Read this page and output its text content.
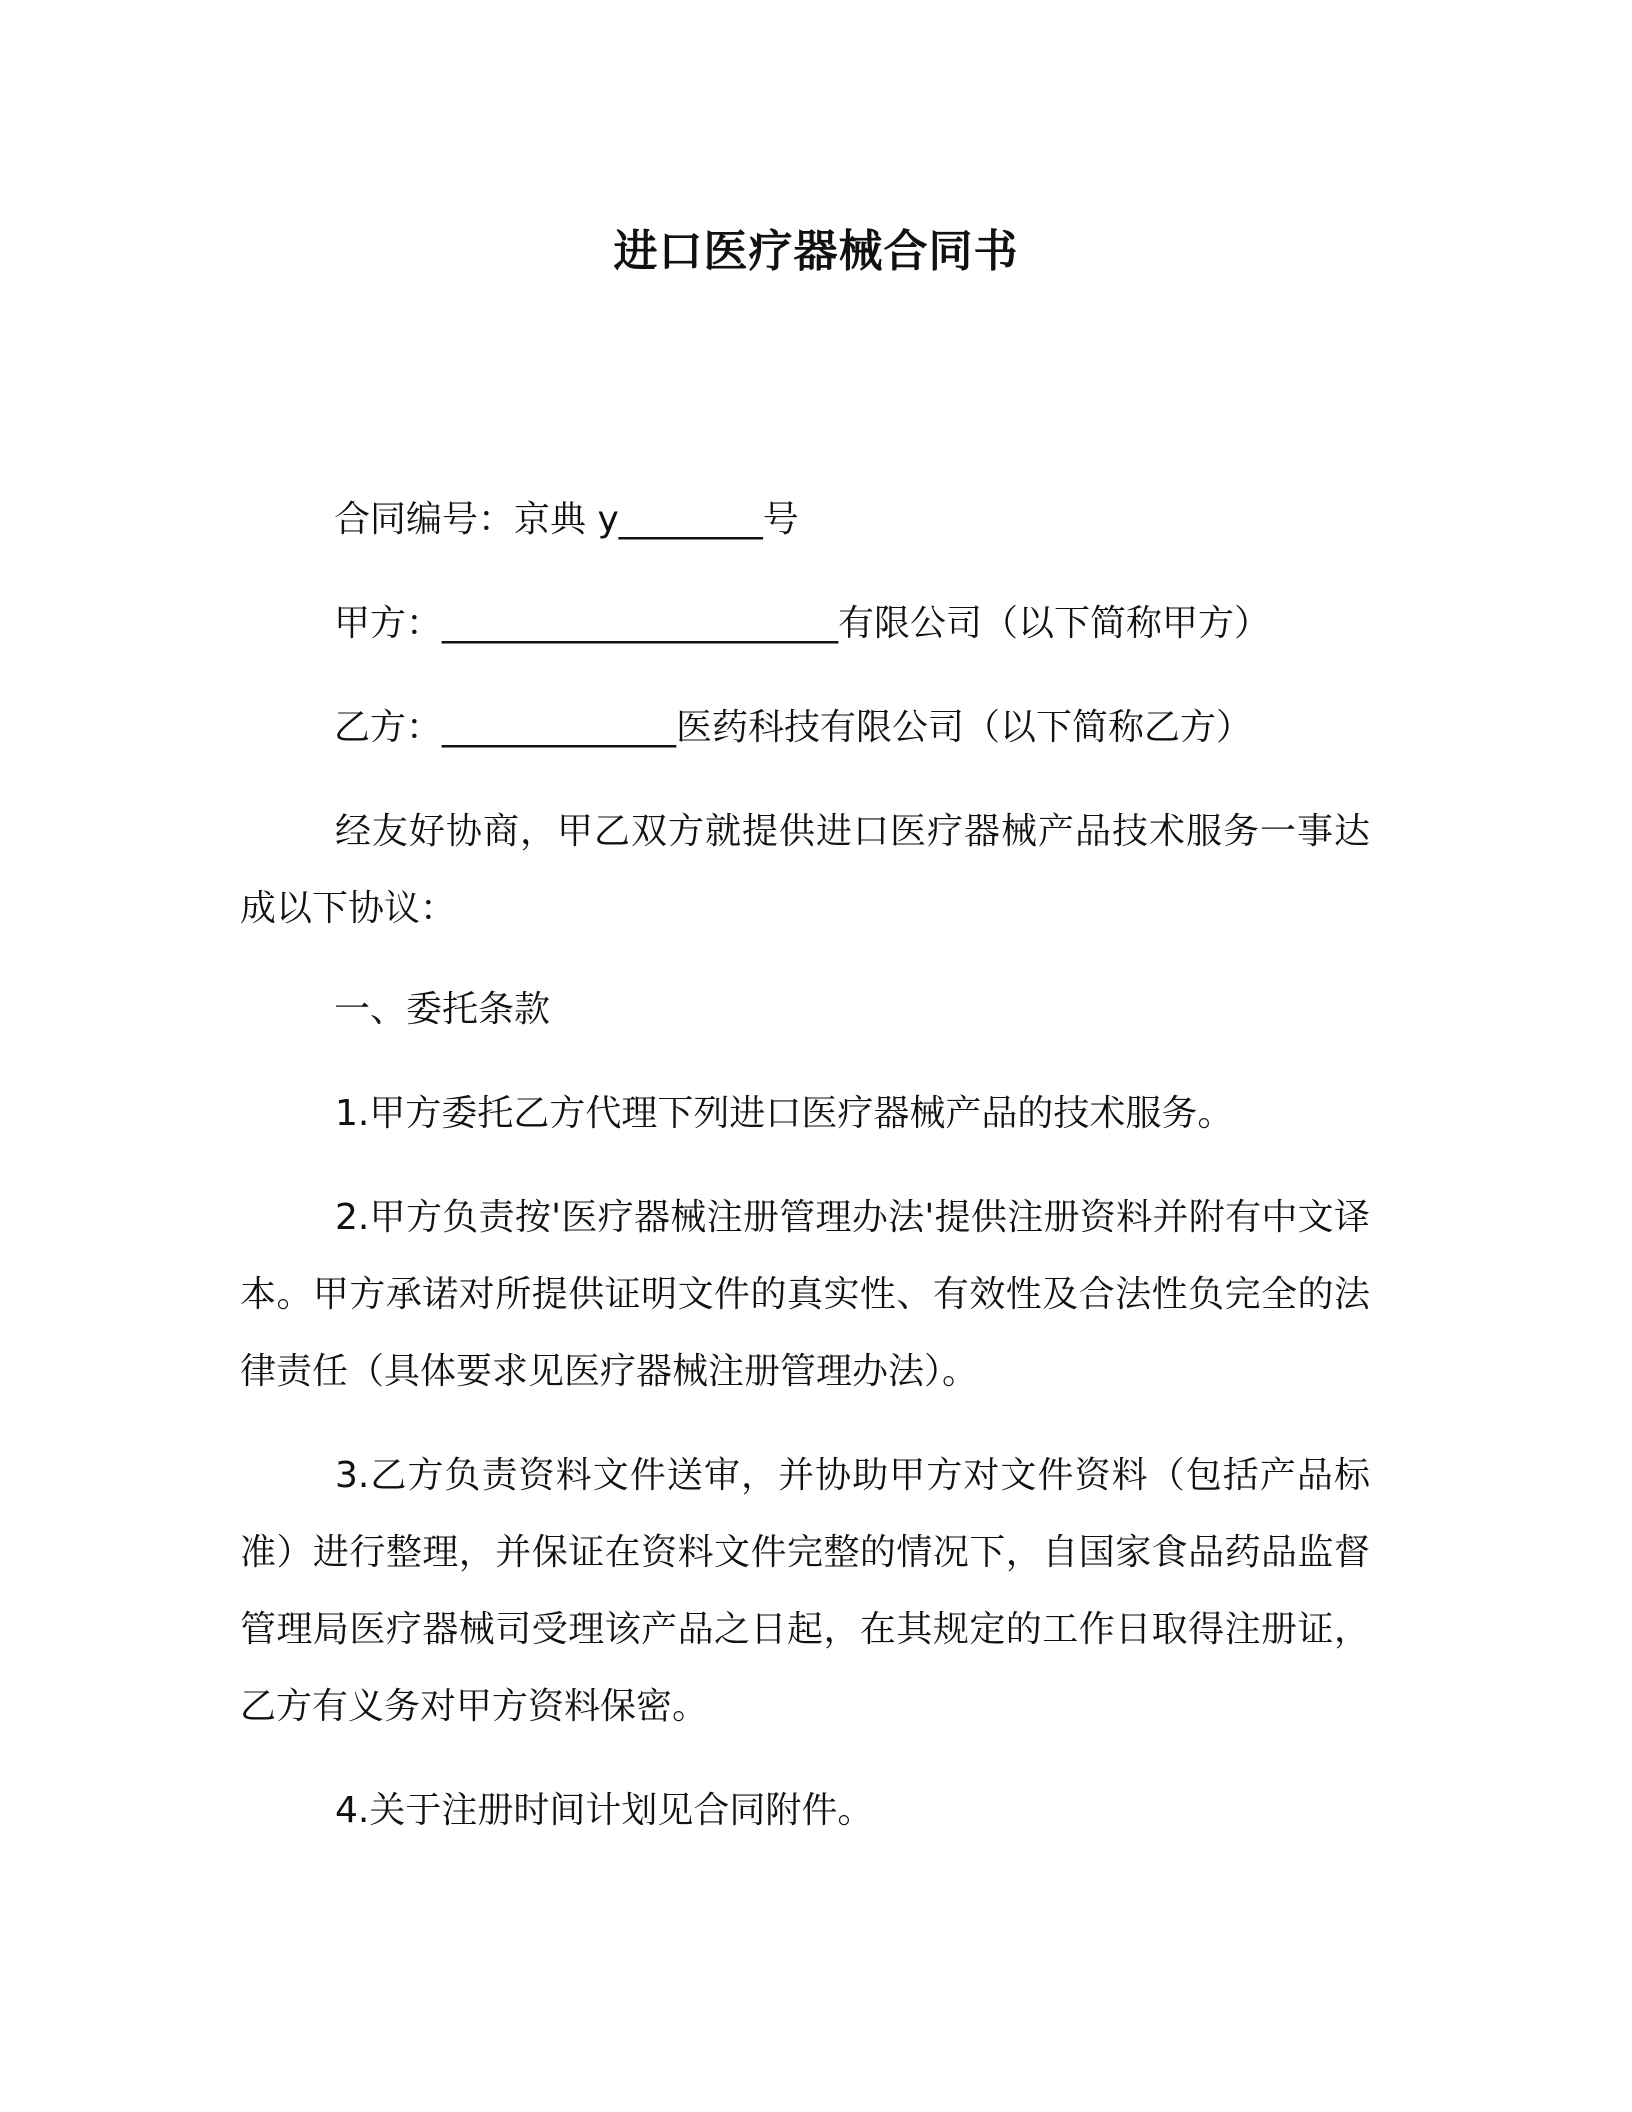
进口医疗器械合同书
合同编号：京典 y________号
甲方：______________________有限公司（以下简称甲方）
乙方：_____________医药科技有限公司（以下简称乙方）

经友好协商，甲乙双方就提供进口医疗器械产品技术服务一事达成以下协议：

一、委托条款

1.甲方委托乙方代理下列进口医疗器械产品的技术服务。

2.甲方负责按'医疗器械注册管理办法'提供注册资料并附有中文译本。甲方承诺对所提供证明文件的真实性、有效性及合法性负完全的法律责任（具体要求见医疗器械注册管理办法）。

3.乙方负责资料文件送审，并协助甲方对文件资料（包括产品标准）进行整理，并保证在资料文件完整的情况下，自国家食品药品监督管理局医疗器械司受理该产品之日起，在其规定的工作日取得注册证，乙方有义务对甲方资料保密。

4.关于注册时间计划见合同附件。
